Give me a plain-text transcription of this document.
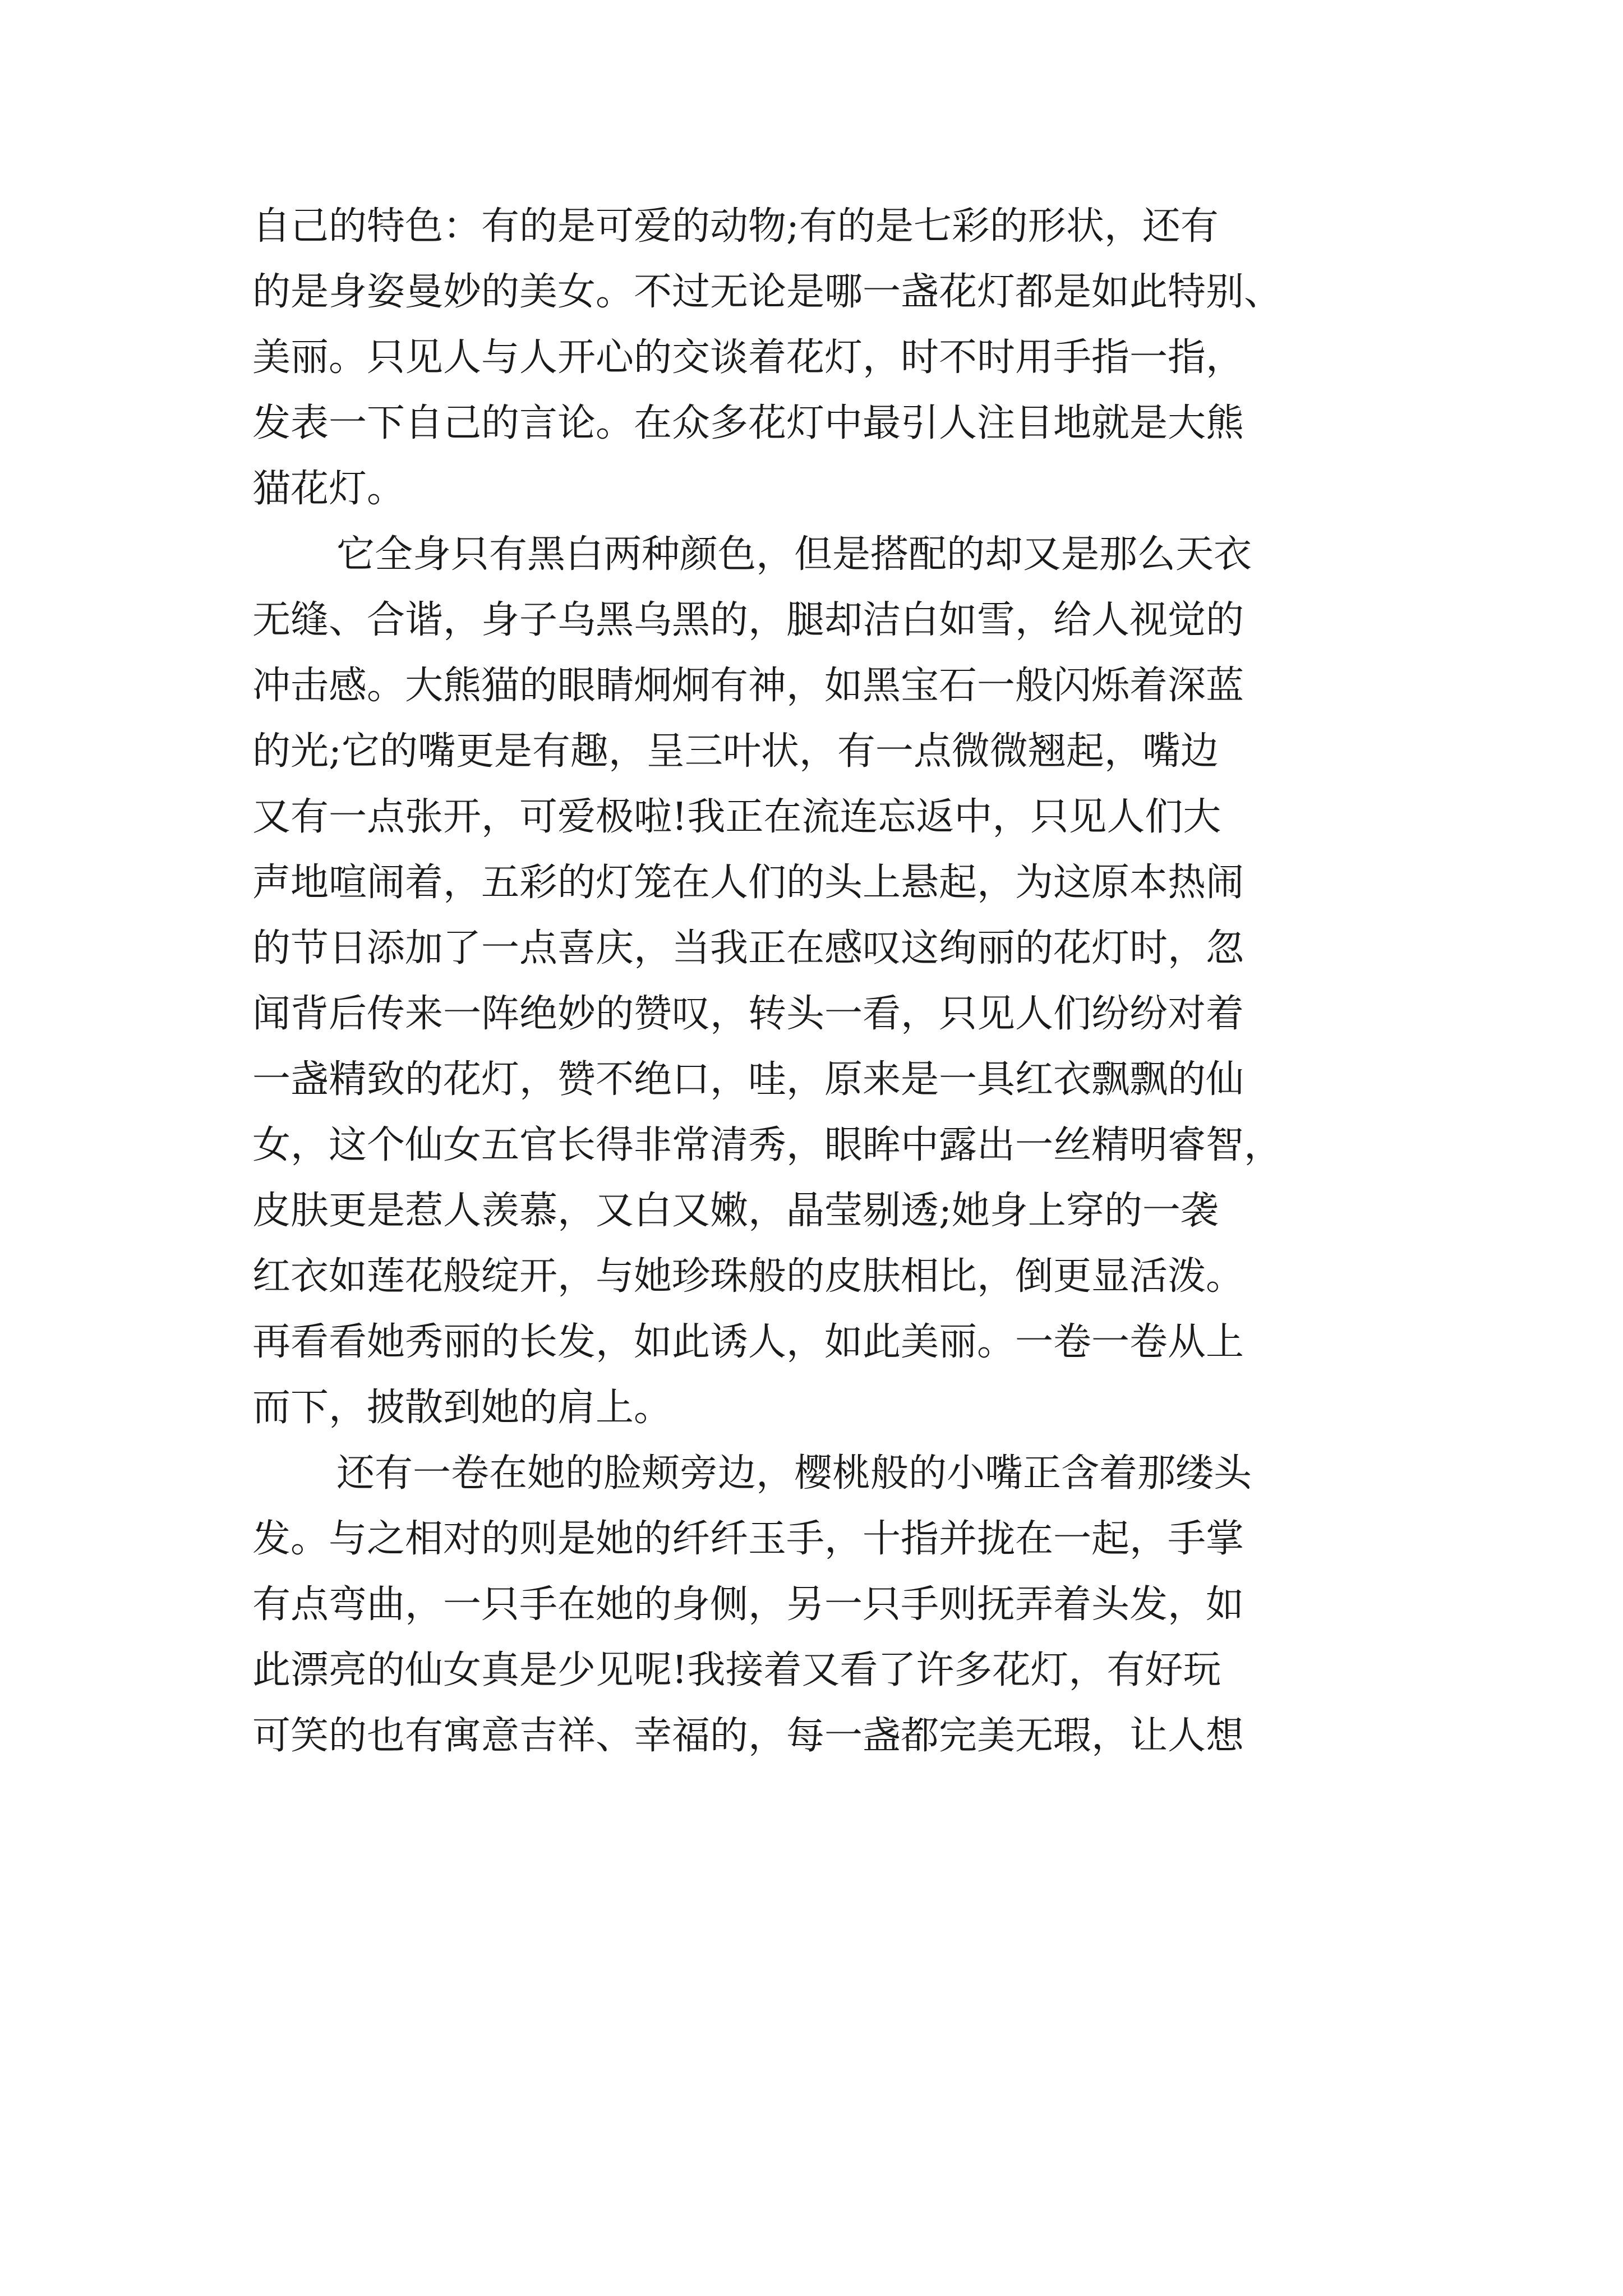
自己的特色：有的是可爱的动物;有的是七彩的形状，还有
的是身姿曼妙的美女。不过无论是哪一盏花灯都是如此特别、
美丽。只见人与人开心的交谈着花灯，时不时用手指一指，
发表一下自己的言论。在众多花灯中最引人注目地就是大熊
猫花灯。
它全身只有黑白两种颜色，但是搭配的却又是那么天衣
无缝、合谐，身子乌黑乌黑的，腿却洁白如雪，给人视觉的
冲击感。大熊猫的眼睛炯炯有神，如黑宝石一般闪烁着深蓝
的光;它的嘴更是有趣，呈三叶状，有一点微微翘起，嘴边
又有一点张开，可爱极啦!我正在流连忘返中，只见人们大
声地喧闹着，五彩的灯笼在人们的头上悬起，为这原本热闹
的节日添加了一点喜庆，当我正在感叹这绚丽的花灯时，忽
闻背后传来一阵绝妙的赞叹，转头一看，只见人们纷纷对着
一盏精致的花灯，赞不绝口，哇，原来是一具红衣飘飘的仙
女，这个仙女五官长得非常清秀，眼眸中露出一丝精明睿智，
皮肤更是惹人羡慕，又白又嫩，晶莹剔透;她身上穿的一袭
红衣如莲花般绽开，与她珍珠般的皮肤相比，倒更显活泼。
再看看她秀丽的长发，如此诱人，如此美丽。一卷一卷从上
而下，披散到她的肩上。
还有一卷在她的脸颊旁边，樱桃般的小嘴正含着那缕头
发。与之相对的则是她的纤纤玉手，十指并拢在一起，手掌
有点弯曲，一只手在她的身侧，另一只手则抚弄着头发，如
此漂亮的仙女真是少见呢!我接着又看了许多花灯，有好玩
可笑的也有寓意吉祥、幸福的，每一盏都完美无瑕，让人想
